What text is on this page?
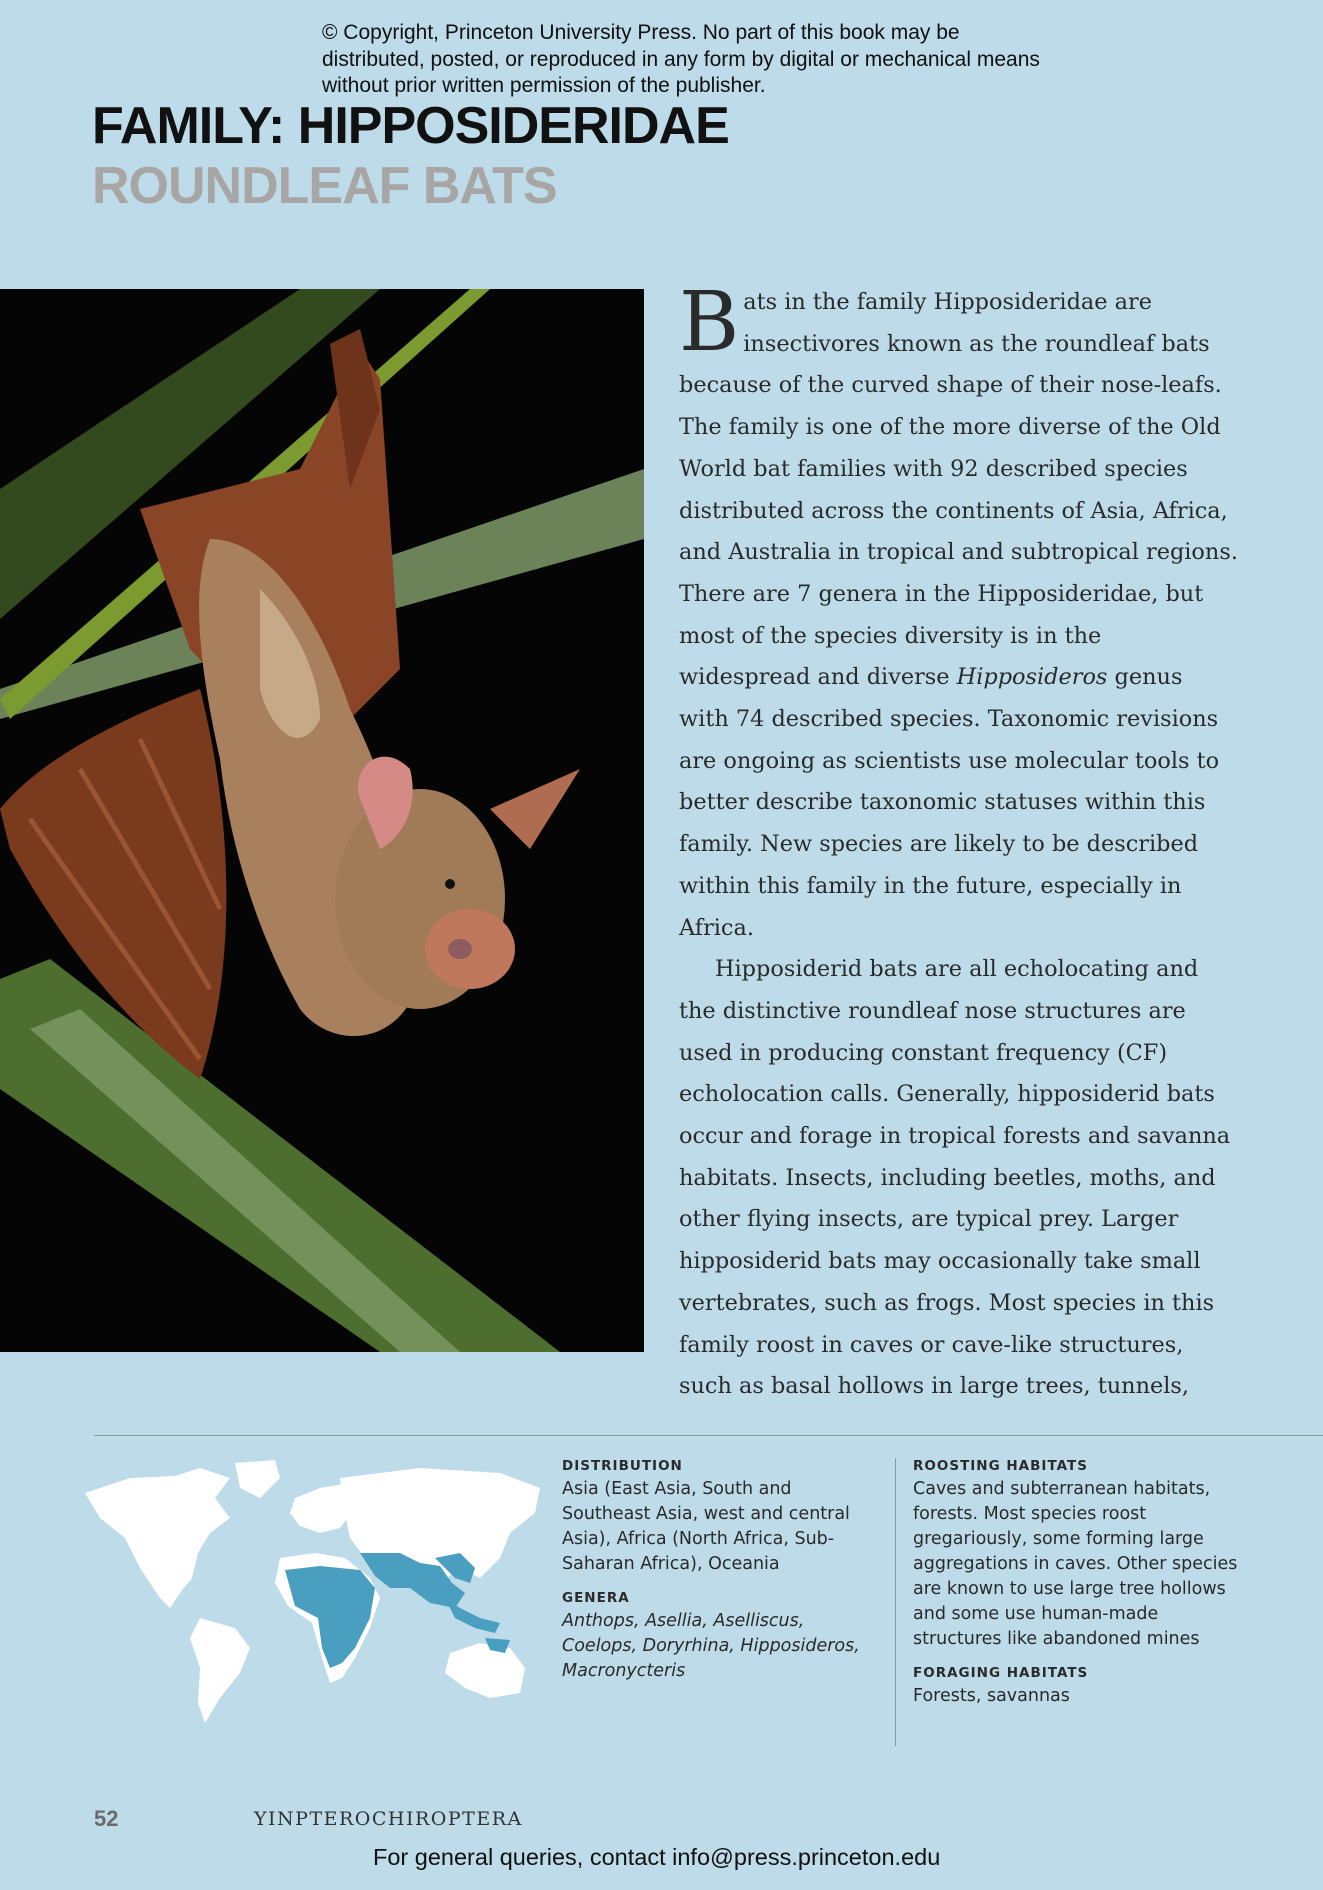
© Copyright, Princeton University Press. No part of this book may be distributed, posted, or reproduced in any form by digital or mechanical means without prior written permission of the publisher.
FAMILY: HIPPOSIDERIDAE
ROUNDLEAF BATS

Bats in the family Hipposideridae are insectivores known as the roundleaf bats because of the curved shape of their nose-leafs. The family is one of the more diverse of the Old World bat families with 92 described species distributed across the continents of Asia, Africa, and Australia in tropical and subtropical regions. There are 7 genera in the Hipposideridae, but most of the species diversity is in the widespread and diverse Hipposideros genus with 74 described species. Taxonomic revisions are ongoing as scientists use molecular tools to better describe taxonomic statuses within this family. New species are likely to be described within this family in the future, especially in Africa.

Hipposiderid bats are all echolocating and the distinctive roundleaf nose structures are used in producing constant frequency (CF) echolocation calls. Generally, hipposiderid bats occur and forage in tropical forests and savanna habitats. Insects, including beetles, moths, and other flying insects, are typical prey. Larger hipposiderid bats may occasionally take small vertebrates, such as frogs. Most species in this family roost in caves or cave-like structures, such as basal hollows in large trees, tunnels,

DISTRIBUTION
Asia (East Asia, South and Southeast Asia, west and central Asia), Africa (North Africa, Sub-Saharan Africa), Oceania
GENERA
Anthops, Asellia, Aselliscus, Coelops, Doryrhina, Hipposideros, Macronycteris
ROOSTING HABITATS
Caves and subterranean habitats, forests. Most species roost gregariously, some forming large aggregations in caves. Other species are known to use large tree hollows and some use human-made structures like abandoned mines
FORAGING HABITATS
Forests, savannas
52	YINPTEROCHIROPTERA
For general queries, contact info@press.princeton.edu
